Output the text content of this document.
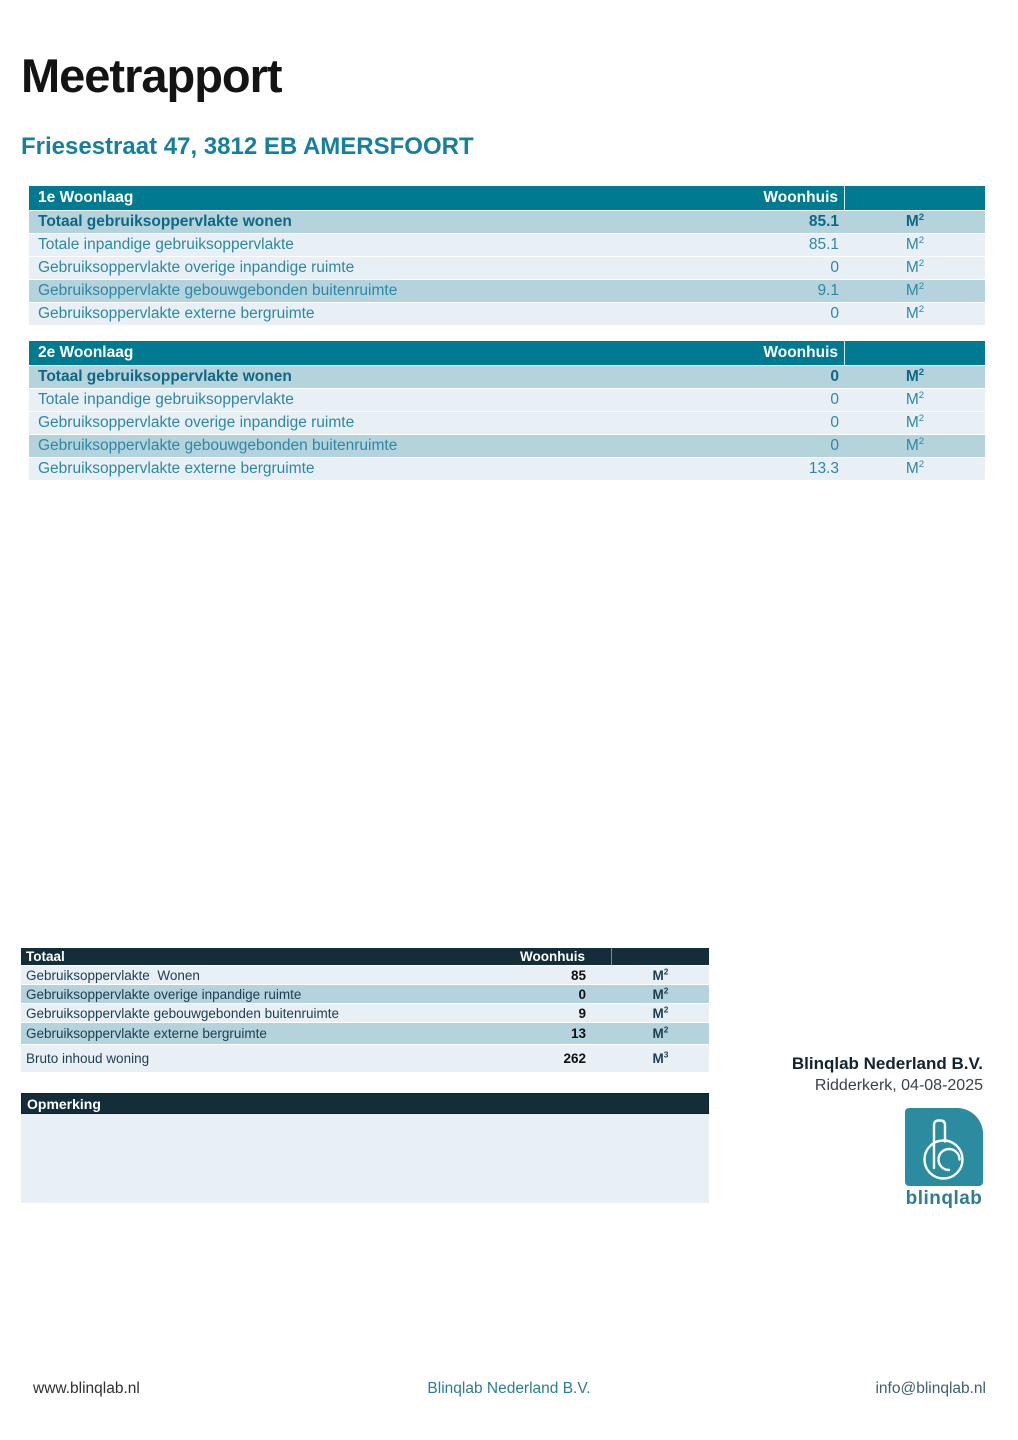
Meetrapport
Friesestraat 47, 3812 EB AMERSFOORT
1e Woonlaag	Woonhuis
Totaal gebruiksoppervlakte wonen	85.1	$M^2$
Totale inpandige gebruiksoppervlakte	85.1	$M^2$
Gebruiksoppervlakte overige inpandige ruimte	0	$M^2$
Gebruiksoppervlakte gebouwgebonden buitenruimte	9.1	$M^2$
Gebruiksoppervlakte externe bergruimte	0	$M^2$
2e Woonlaag	Woonhuis
Totaal gebruiksoppervlakte wonen	0	$M^2$
Totale inpandige gebruiksoppervlakte	0	$M^2$
Gebruiksoppervlakte overige inpandige ruimte	0	$M^2$
Gebruiksoppervlakte gebouwgebonden buitenruimte	0	$M^2$
Gebruiksoppervlakte externe bergruimte	13.3	$M^2$
Totaal	Woonhuis
Gebruiksoppervlakte  Wonen	85	$M^2$
Gebruiksoppervlakte overige inpandige ruimte	0	$M^2$
Gebruiksoppervlakte gebouwgebonden buitenruimte	9	$M^2$
Gebruiksoppervlakte externe bergruimte	13	$M^2$
Bruto inhoud woning	262	$M^3$
Opmerking
Blinqlab Nederland B.V.
Ridderkerk, 04-08-2025
blinqlab
www.blinqlab.nl	Blinqlab Nederland B.V.	info@blinqlab.nl
